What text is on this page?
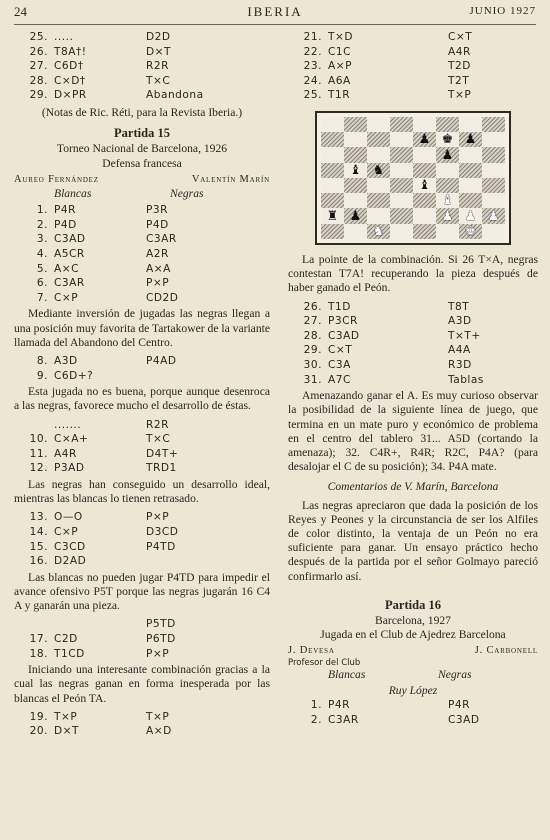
24	IBERIA	JUNIO 1927
25. .....	D2D
26. T8A†!	D×T
27. C6D†	R2R
28. C×D†	T×C
29. D×PR	Abandona
(Notas de Ric. Réti, para la Revista Iberia.)
Partida 15
Torneo Nacional de Barcelona, 1926
Defensa francesa
Aureo Fernández	Valentín Marín
Blancas	Negras
1. P4R	P3R
2. P4D	P4D
3. C3AD	C3AR
4. A5CR	A2R
5. A×C	A×A
6. C3AR	P×P
7. C×P	CD2D
Mediante inversión de jugadas las negras llegan a una posición muy favorita de Tartakower de la variante llamada del Abandono del Centro.
8. A3D	P4AD
9. C6D+?
Esta jugada no es buena, porque aunque desenroca a las negras, favorece mucho el desarrollo de éstas.
.......	R2R
10. C×A+	T×C
11. A4R	D4T+
12. P3AD	TRD1
Las negras han conseguido un desarrollo ideal, mientras las blancas lo tienen retrasado.
13. O—O	P×P
14. C×P	D3CD
15. C3CD	P4TD
16. D2AD
Las blancas no pueden jugar P4TD para impedir el avance ofensivo P5T porque las negras jugarán 16 C4 A y ganarán una pieza.
P5TD
17. C2D	P6TD
18. T1CD	P×P
Iniciando una interesante combinación gracias a la cual las negras ganan en forma inesperada por las blancas el Peón TA.
19. T×P	T×P
20. D×T	A×D
21. T×D	C×T
22. C1C	A4R
23. A×P	T2D
24. A6A	T2T
25. T1R	T×P
♟ ♚ ♟
♟
♝ ♞
♝
♝
♜ ♟	♟ ♟ ♟
♞	♚
La pointe de la combinación. Si 26 T×A, negras contestan T7A! recuperando la pieza después de haber ganado el Peón.
26. T1D	T8T
27. P3CR	A3D
28. C3AD	T×T+
29. C×T	A4A
30. C3A	R3D
31. A7C	Tablas
Amenazando ganar el A. Es muy curioso observar la posibilidad de la siguiente línea de juego, que termina en un mate puro y económico de problema en el centro del tablero 31... A5D (cortando la amenaza); 32. C4R+, R4R; R2C, P4A? (para desalojar el C de su posición); 34. P4A mate.
Comentarios de V. Marín, Barcelona
Las negras apreciaron que dada la posición de los Reyes y Peones y la circunstancia de ser los Alfiles de color distinto, la ventaja de un Peón no era suficiente para ganar. Un ensayo práctico hecho después de la partida por el señor Golmayo pareció confirmarlo así.
Partida 16
Barcelona, 1927
Jugada en el Club de Ajedrez Barcelona
J. Devesa	J. Carbonell
Profesor del Club
Blancas	Negras
Ruy López
1. P4R	P4R
2. C3AR	C3AD
